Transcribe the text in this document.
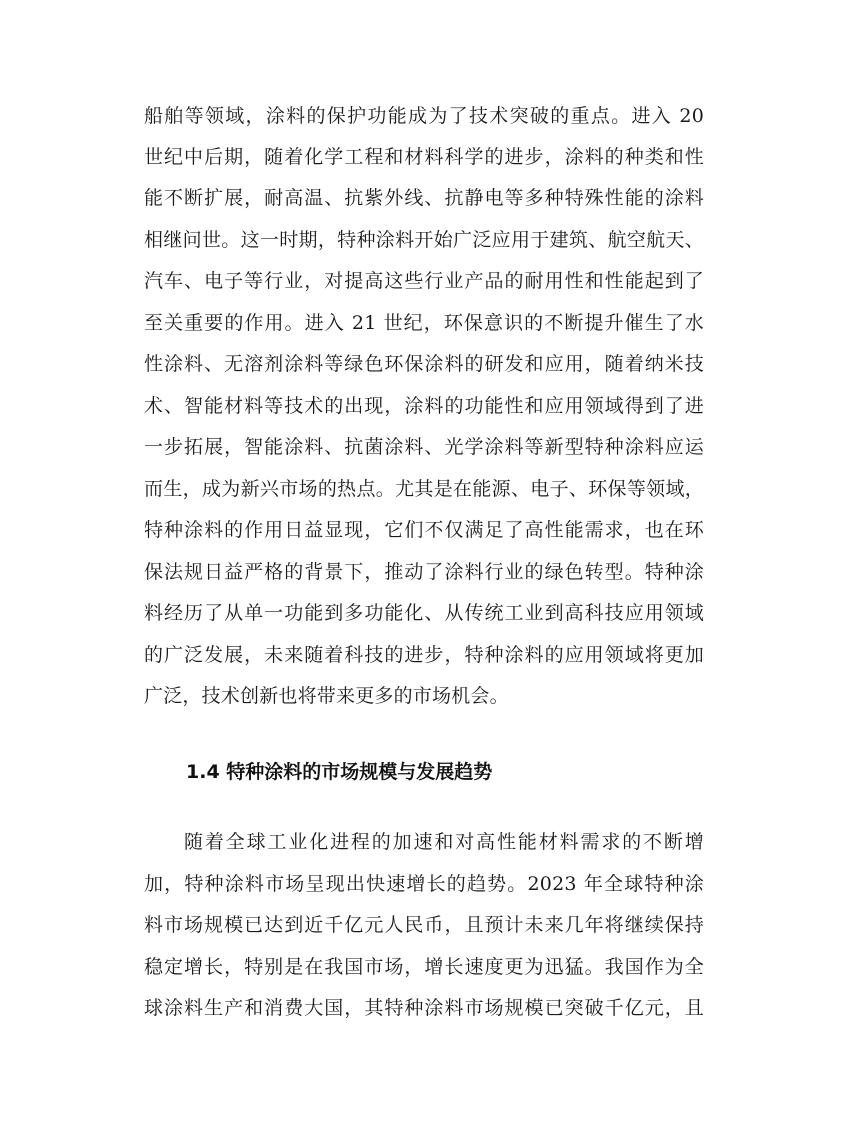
船舶等领域，涂料的保护功能成为了技术突破的重点。进入 20
世纪中后期，随着化学工程和材料科学的进步，涂料的种类和性
能不断扩展，耐高温、抗紫外线、抗静电等多种特殊性能的涂料
相继问世。这一时期，特种涂料开始广泛应用于建筑、航空航天、
汽车、电子等行业，对提高这些行业产品的耐用性和性能起到了
至关重要的作用。进入 21 世纪，环保意识的不断提升催生了水
性涂料、无溶剂涂料等绿色环保涂料的研发和应用，随着纳米技
术、智能材料等技术的出现，涂料的功能性和应用领域得到了进
一步拓展，智能涂料、抗菌涂料、光学涂料等新型特种涂料应运
而生，成为新兴市场的热点。尤其是在能源、电子、环保等领域，
特种涂料的作用日益显现，它们不仅满足了高性能需求，也在环
保法规日益严格的背景下，推动了涂料行业的绿色转型。特种涂
料经历了从单一功能到多功能化、从传统工业到高科技应用领域
的广泛发展，未来随着科技的进步，特种涂料的应用领域将更加
广泛，技术创新也将带来更多的市场机会。
1.4 特种涂料的市场规模与发展趋势
随着全球工业化进程的加速和对高性能材料需求的不断增
加，特种涂料市场呈现出快速增长的趋势。2023 年全球特种涂
料市场规模已达到近千亿元人民币，且预计未来几年将继续保持
稳定增长，特别是在我国市场，增长速度更为迅猛。我国作为全
球涂料生产和消费大国，其特种涂料市场规模已突破千亿元，且
